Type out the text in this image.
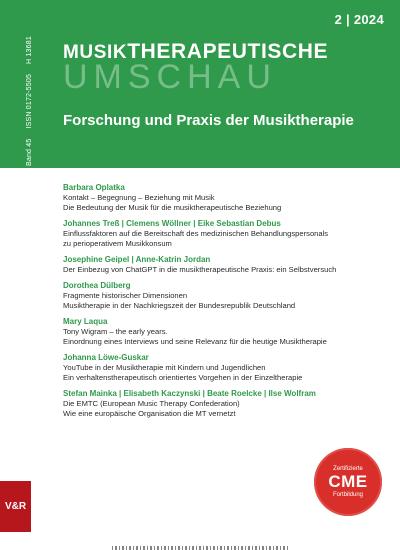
2 | 2024
Band 45
ISSN 0172-5505
H 13681
UMSCHAU
MUSIKTHERAPEUTISCHE
Forschung und Praxis der Musiktherapie
Barbara Oplatka
Kontakt – Begegnung – Beziehung mit Musik
Die Bedeutung der Musik für die musiktherapeutische Beziehung
Johannes Treß | Clemens Wöllner | Eike Sebastian Debus
Einflussfaktoren auf die Bereitschaft des medizinischen Behandlungspersonals
zu perioperativem Musikkonsum
Josephine Geipel | Anne-Katrin Jordan
Der Einbezug von ChatGPT in die musiktherapeutische Praxis: ein Selbstversuch
Dorothea Dülberg
Fragmente historischer Dimensionen
Musiktherapie in der Nachkriegszeit der Bundesrepublik Deutschland
Mary Laqua
Tony Wigram – the early years.
Einordnung eines Interviews und seine Relevanz für die heutige Musiktherapie
Johanna Löwe-Guskar
YouTube in der Musiktherapie mit Kindern und Jugendlichen
Ein verhaltenstherapeutisch orientiertes Vorgehen in der Einzeltherapie
Stefan Mainka | Elisabeth Kaczynski | Beate Roelcke | Ilse Wolfram
Die EMTC (European Music Therapy Confederation)
Wie eine europäische Organisation die MT vernetzt
V&R
Zertifizierte
CME
Fortbildung
